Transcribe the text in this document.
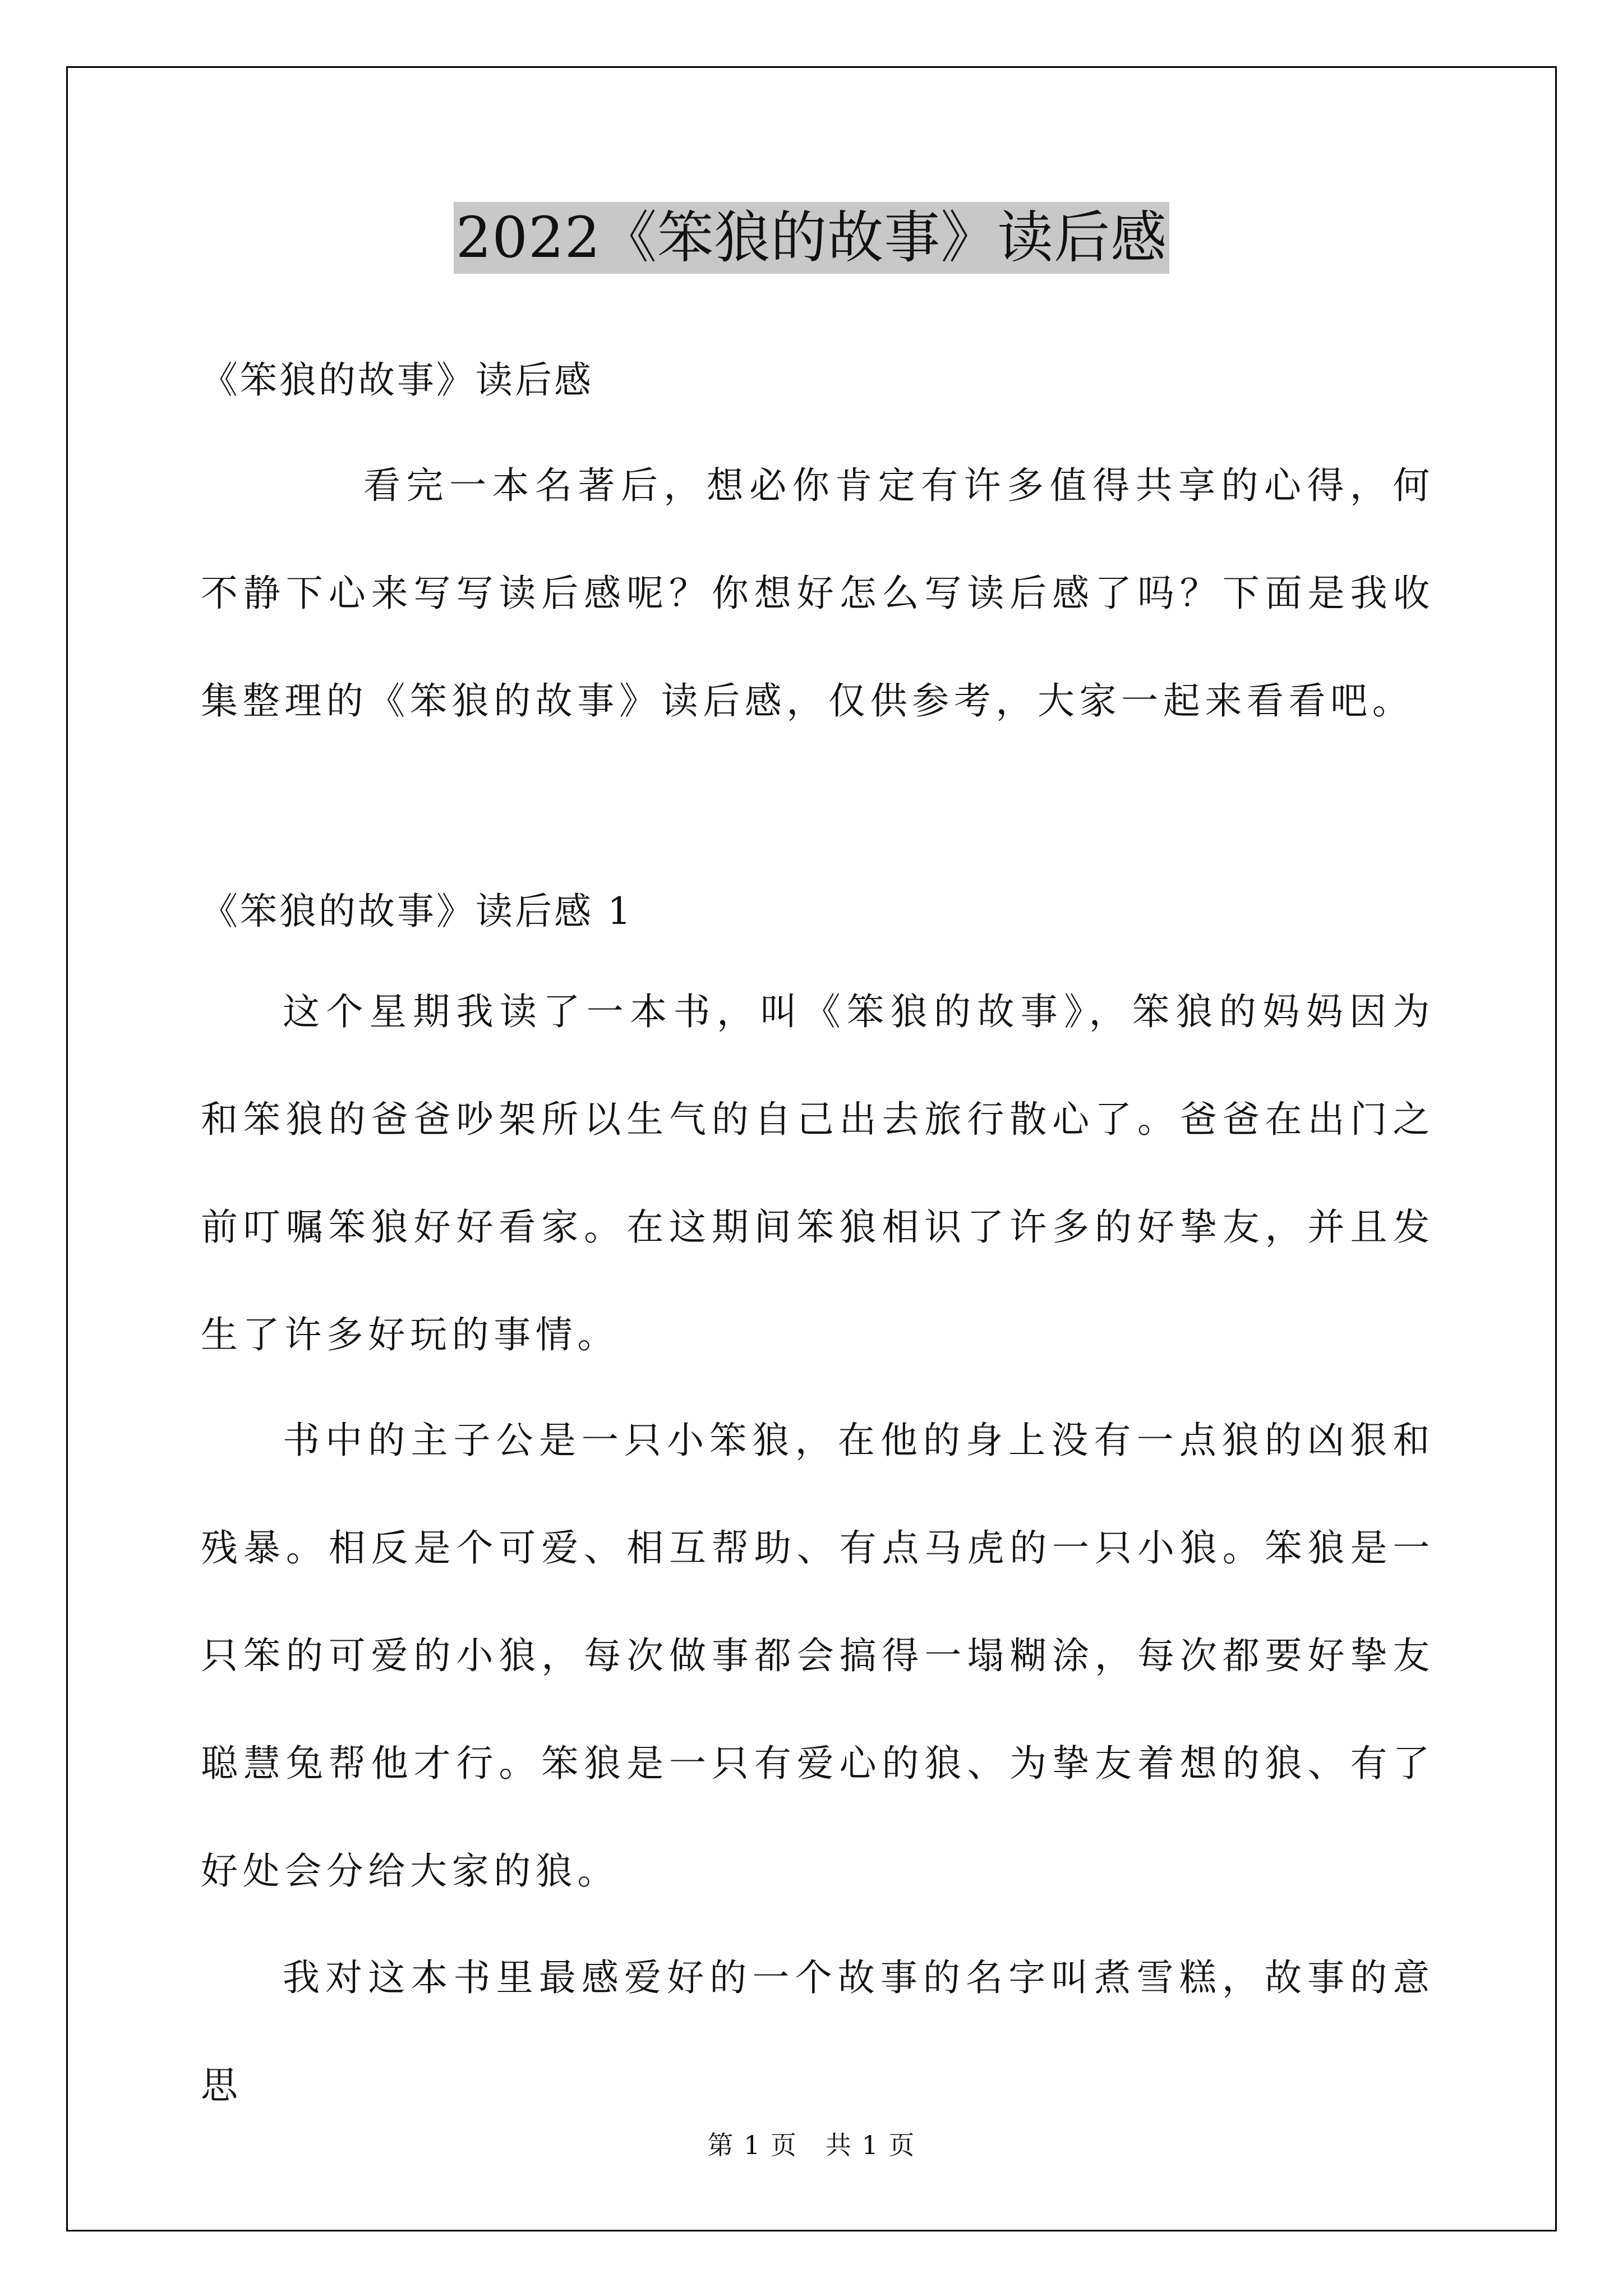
2022《笨狼的故事》读后感
《笨狼的故事》读后感

看完一本名著后，想必你肯定有许多值得共享的心得，何不静下心来写写读后感呢？你想好怎么写读后感了吗？下面是我收集整理的《笨狼的故事》读后感，仅供参考，大家一起来看看吧。

《笨狼的故事》读后感 1

这个星期我读了一本书，叫《笨狼的故事》，笨狼的妈妈因为和笨狼的爸爸吵架所以生气的自己出去旅行散心了。爸爸在出门之前叮嘱笨狼好好看家。在这期间笨狼相识了许多的好挚友，并且发生了许多好玩的事情。

书中的主子公是一只小笨狼，在他的身上没有一点狼的凶狠和残暴。相反是个可爱、相互帮助、有点马虎的一只小狼。笨狼是一只笨的可爱的小狼，每次做事都会搞得一塌糊涂，每次都要好挚友聪慧兔帮他才行。笨狼是一只有爱心的狼、为挚友着想的狼、有了好处会分给大家的狼。

我对这本书里最感爱好的一个故事的名字叫煮雪糕，故事的意思

第 1 页   共 1 页
